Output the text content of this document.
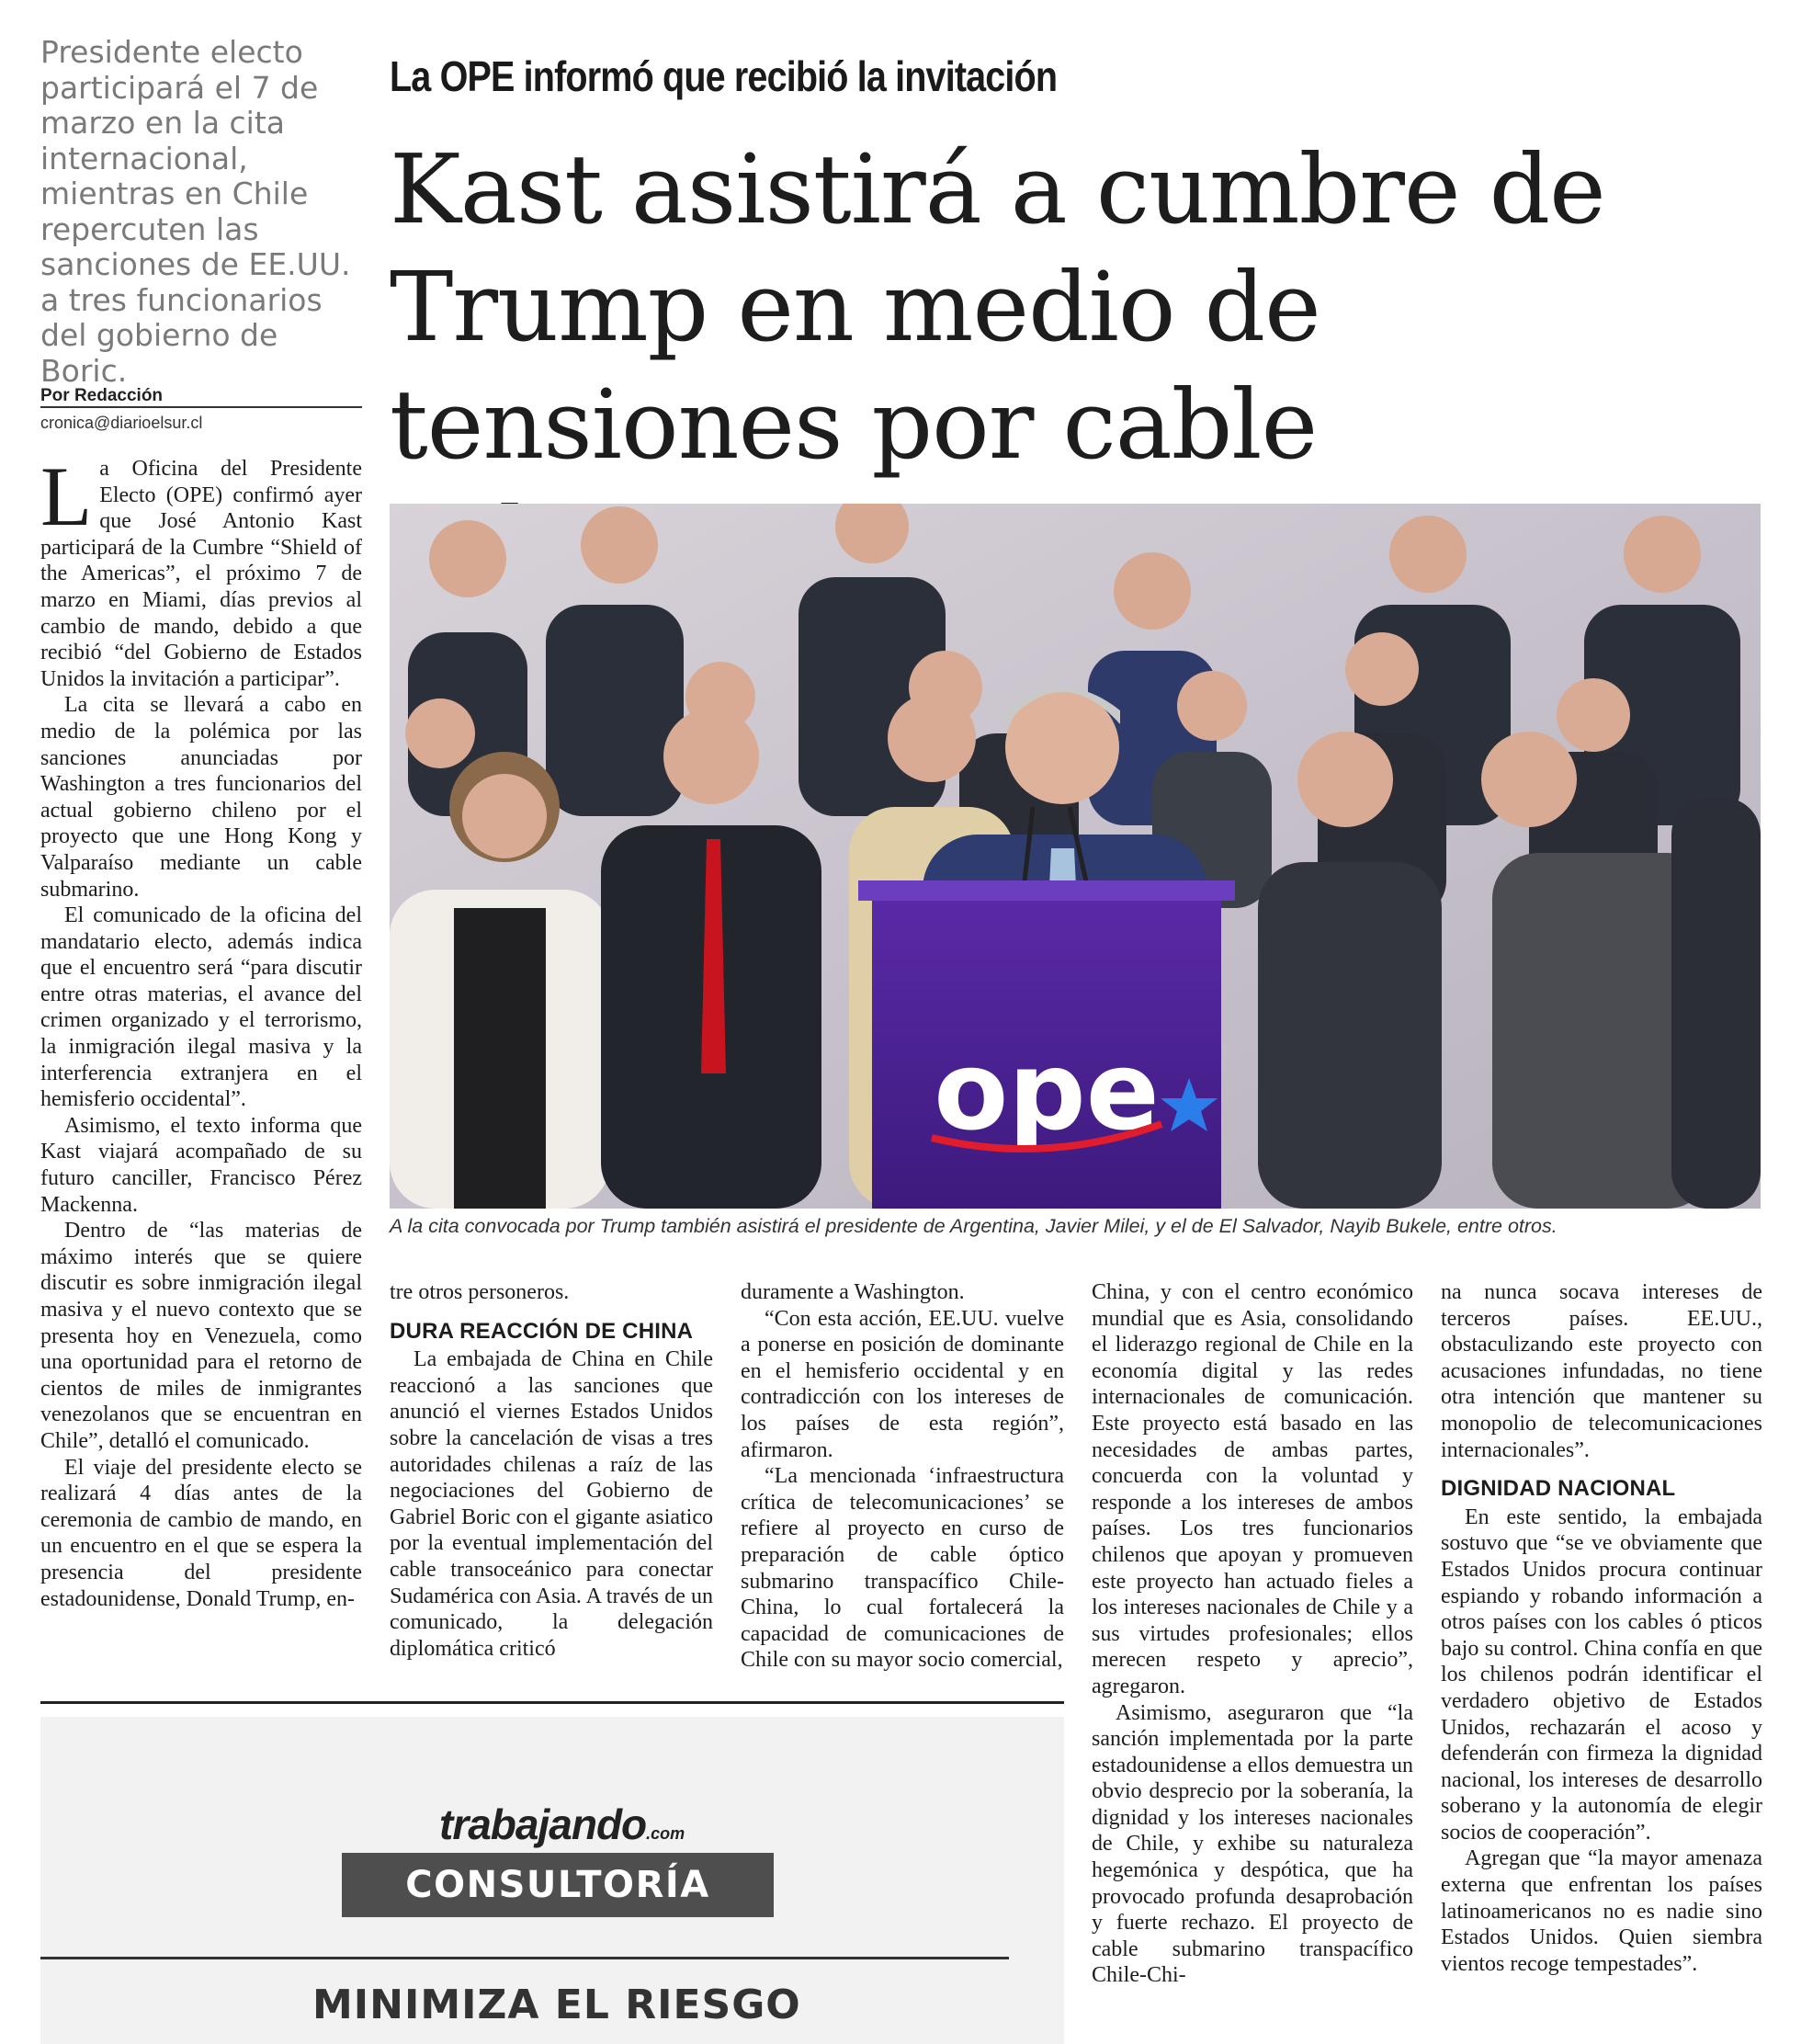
Presidente electo participará el 7 de marzo en la cita internacional, mientras en Chile repercuten las sanciones de EE.UU. a tres funcionarios del gobierno de Boric.

La OPE informó que recibió la invitación
Kast asistirá a cumbre de Trump en medio de tensiones por cable
Por Redacción
cronica@diarioelsur.cl
ope
A la cita convocada por Trump también asistirá el presidente de Argentina, Javier Milei, y el de El Salvador, Nayib Bukele, entre otros.

La Oficina del Presidente Electo (OPE) confirmó ayer que José Antonio Kast participará de la Cumbre “Shield of the Americas”, el próximo 7 de marzo en Miami, días previos al cambio de mando, debido a que recibió “del Gobierno de Estados Unidos la invitación a participar”.

La cita se llevará a cabo en medio de la polémica por las sanciones anunciadas por Washington a tres funcionarios del actual gobierno chileno por el proyecto que une Hong Kong y Valparaíso mediante un cable submarino.

El comunicado de la oficina del mandatario electo, además indica que el encuentro será “para discutir entre otras materias, el avance del crimen organizado y el terrorismo, la inmigración ilegal masiva y la interferencia extranjera en el hemisferio occidental”.

Asimismo, el texto informa que Kast viajará acompañado de su futuro canciller, Francisco Pérez Mackenna.

Dentro de “las materias de máximo interés que se quiere discutir es sobre inmigración ilegal masiva y el nuevo contexto que se presenta hoy en Venezuela, como una oportunidad para el retorno de cientos de miles de inmigrantes venezolanos que se encuentran en Chile”, detalló el comunicado.

El viaje del presidente electo se realizará 4 días antes de la ceremonia de cambio de mando, en un encuentro en el que se espera la presencia del presidente estadounidense, Donald Trump, en-

tre otros personeros.

DURA REACCIÓN DE CHINA

La embajada de China en Chile reaccionó a las sanciones que anunció el viernes Estados Unidos sobre la cancelación de visas a tres autoridades chilenas a raíz de las negociaciones del Gobierno de Gabriel Boric con el gigante asiatico por la eventual implementación del cable transoceánico para conectar Sudamérica con Asia. A través de un comunicado, la delegación diplomática criticó

duramente a Washington.

“Con esta acción, EE.UU. vuelve a ponerse en posición de dominante en el hemisferio occidental y en contradicción con los intereses de los países de esta región”, afirmaron.

“La mencionada ‘infraestructura crítica de telecomunicaciones’ se refiere al proyecto en curso de preparación de cable óptico submarino transpacífico Chile-China, lo cual fortalecerá la capacidad de comunicaciones de Chile con su mayor socio comercial,

China, y con el centro económico mundial que es Asia, consolidando el liderazgo regional de Chile en la economía digital y las redes internacionales de comunicación. Este proyecto está basado en las necesidades de ambas partes, concuerda con la voluntad y responde a los intereses de ambos países. Los tres funcionarios chilenos que apoyan y promueven este proyecto han actuado fieles a los intereses nacionales de Chile y a sus virtudes profesionales; ellos merecen respeto y aprecio”, agregaron.

Asimismo, aseguraron que “la sanción implementada por la parte estadounidense a ellos demuestra un obvio desprecio por la soberanía, la dignidad y los intereses nacionales de Chile, y exhibe su naturaleza hegemónica y despótica, que ha provocado profunda desaprobación y fuerte rechazo. El proyecto de cable submarino transpacífico Chile-Chi-

na nunca socava intereses de terceros países. EE.UU., obstaculizando este proyecto con acusaciones infundadas, no tiene otra intención que mantener su monopolio de telecomunicaciones internacionales”.

DIGNIDAD NACIONAL

En este sentido, la embajada sostuvo que “se ve obviamente que Estados Unidos procura continuar espiando y robando información a otros países con los cables ó pticos bajo su control. China confía en que los chilenos podrán identificar el verdadero objetivo de Estados Unidos, rechazarán el acoso y defenderán con firmeza la dignidad nacional, los intereses de desarrollo soberano y la autonomía de elegir socios de cooperación”.

Agregan que “la mayor amenaza externa que enfrentan los países latinoamericanos no es nadie sino Estados Unidos. Quien siembra vientos recoge tempestades”.

trabajando.com
CONSULTORÍA
MINIMIZA EL RIESGO
